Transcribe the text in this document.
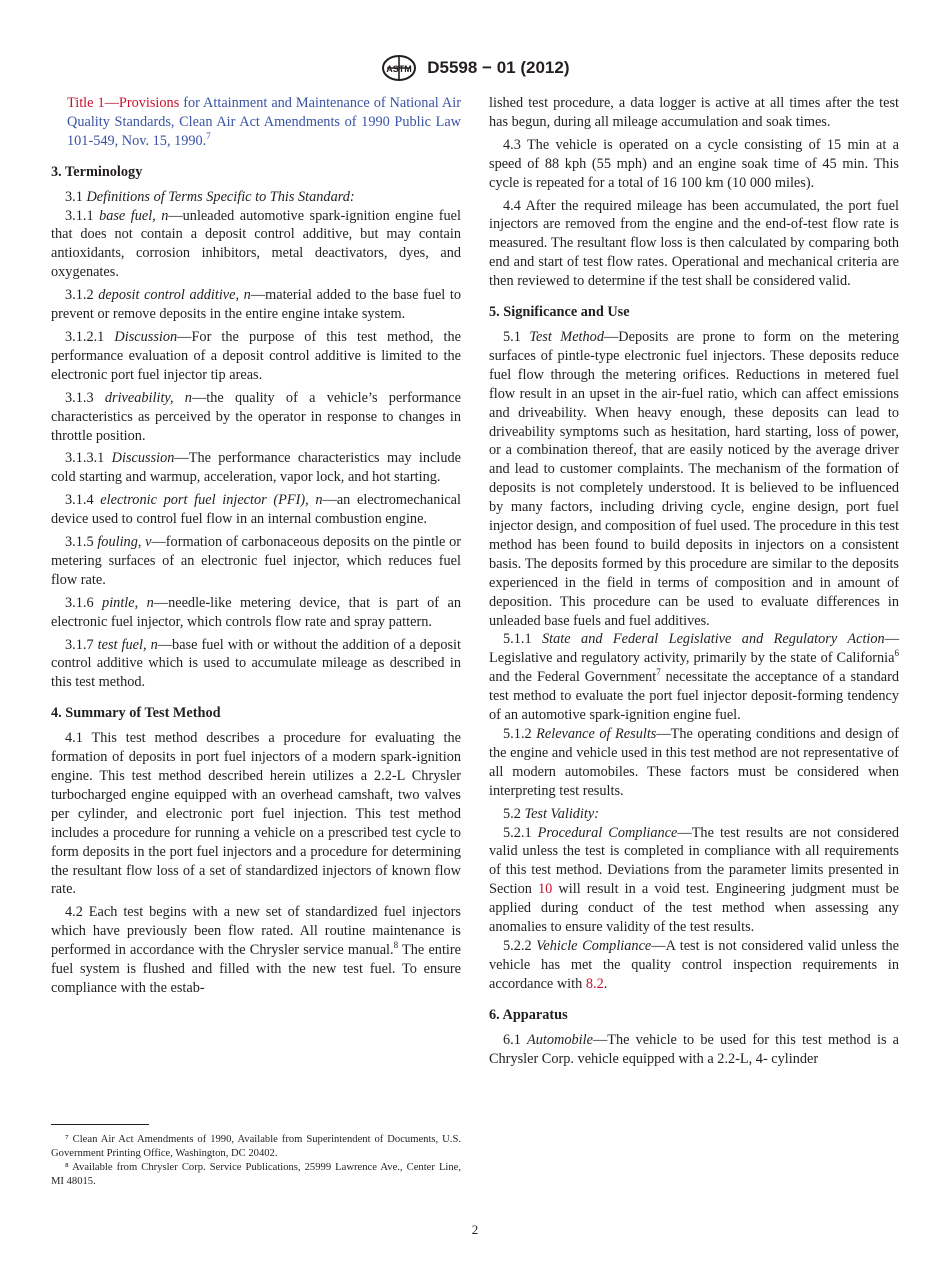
ASTM D5598 − 01 (2012)

Title 1—Provisions for Attainment and Maintenance of National Air Quality Standards, Clean Air Act Amendments of 1990 Public Law 101-549, Nov. 15, 1990.$^7$

3. Terminology

3.1 Definitions of Terms Specific to This Standard:

3.1.1 base fuel, n—unleaded automotive spark-ignition engine fuel that does not contain a deposit control additive, but may contain antioxidants, corrosion inhibitors, metal deactivators, dyes, and oxygenates.

3.1.2 deposit control additive, n—material added to the base fuel to prevent or remove deposits in the entire engine intake system.

3.1.2.1 Discussion—For the purpose of this test method, the performance evaluation of a deposit control additive is limited to the electronic port fuel injector tip areas.

3.1.3 driveability, n—the quality of a vehicle’s performance characteristics as perceived by the operator in response to changes in throttle position.

3.1.3.1 Discussion—The performance characteristics may include cold starting and warmup, acceleration, vapor lock, and hot starting.

3.1.4 electronic port fuel injector (PFI), n—an electromechanical device used to control fuel flow in an internal combustion engine.

3.1.5 fouling, v—formation of carbonaceous deposits on the pintle or metering surfaces of an electronic fuel injector, which reduces fuel flow rate.

3.1.6 pintle, n—needle-like metering device, that is part of an electronic fuel injector, which controls flow rate and spray pattern.

3.1.7 test fuel, n—base fuel with or without the addition of a deposit control additive which is used to accumulate mileage as described in this test method.

4. Summary of Test Method

4.1 This test method describes a procedure for evaluating the formation of deposits in port fuel injectors of a modern spark-ignition engine. This test method described herein utilizes a 2.2-L Chrysler turbocharged engine equipped with an overhead camshaft, two valves per cylinder, and electronic port fuel injection. This test method includes a procedure for running a vehicle on a prescribed test cycle to form deposits in the port fuel injectors and a procedure for determining the resultant flow loss of a set of standardized injectors of known flow rate.

4.2 Each test begins with a new set of standardized fuel injectors which have previously been flow rated. All routine maintenance is performed in accordance with the Chrysler service manual.$^8$ The entire fuel system is flushed and filled with the new test fuel. To ensure compliance with the estab-

lished test procedure, a data logger is active at all times after the test has begun, during all mileage accumulation and soak times.

4.3 The vehicle is operated on a cycle consisting of 15 min at a speed of 88 kph (55 mph) and an engine soak time of 45 min. This cycle is repeated for a total of 16 100 km (10 000 miles).

4.4 After the required mileage has been accumulated, the port fuel injectors are removed from the engine and the end-of-test flow rate is measured. The resultant flow loss is then calculated by comparing both end and start of test flow rates. Operational and mechanical criteria are then reviewed to determine if the test shall be considered valid.

5. Significance and Use

5.1 Test Method—Deposits are prone to form on the metering surfaces of pintle-type electronic fuel injectors. These deposits reduce fuel flow through the metering orifices. Reductions in metered fuel flow result in an upset in the air-fuel ratio, which can affect emissions and driveability. When heavy enough, these deposits can lead to driveability symptoms such as hesitation, hard starting, loss of power, or a combination thereof, that are easily noticed by the average driver and lead to customer complaints. The mechanism of the formation of deposits is not completely understood. It is believed to be influenced by many factors, including driving cycle, engine design, port fuel injector design, and composition of fuel used. The procedure in this test method has been found to build deposits in injectors on a consistent basis. The deposits formed by this procedure are similar to the deposits experienced in the field in terms of composition and in amount of deposition. This procedure can be used to evaluate differences in unleaded base fuels and fuel additives.

5.1.1 State and Federal Legislative and Regulatory Action—Legislative and regulatory activity, primarily by the state of California$^6$ and the Federal Government$^7$ necessitate the acceptance of a standard test method to evaluate the port fuel injector deposit-forming tendency of an automotive spark-ignition engine fuel.

5.1.2 Relevance of Results—The operating conditions and design of the engine and vehicle used in this test method are not representative of all modern automobiles. These factors must be considered when interpreting test results.

5.2 Test Validity:

5.2.1 Procedural Compliance—The test results are not considered valid unless the test is completed in compliance with all requirements of this test method. Deviations from the parameter limits presented in Section 10 will result in a void test. Engineering judgment must be applied during conduct of the test method when assessing any anomalies to ensure validity of the test results.

5.2.2 Vehicle Compliance—A test is not considered valid unless the vehicle has met the quality control inspection requirements in accordance with 8.2.

6. Apparatus

6.1 Automobile—The vehicle to be used for this test method is a Chrysler Corp. vehicle equipped with a 2.2-L, 4- cylinder

⁷ Clean Air Act Amendments of 1990, Available from Superintendent of Documents, U.S. Government Printing Office, Washington, DC 20402.

⁸ Available from Chrysler Corp. Service Publications, 25999 Lawrence Ave., Center Line, MI 48015.

2
